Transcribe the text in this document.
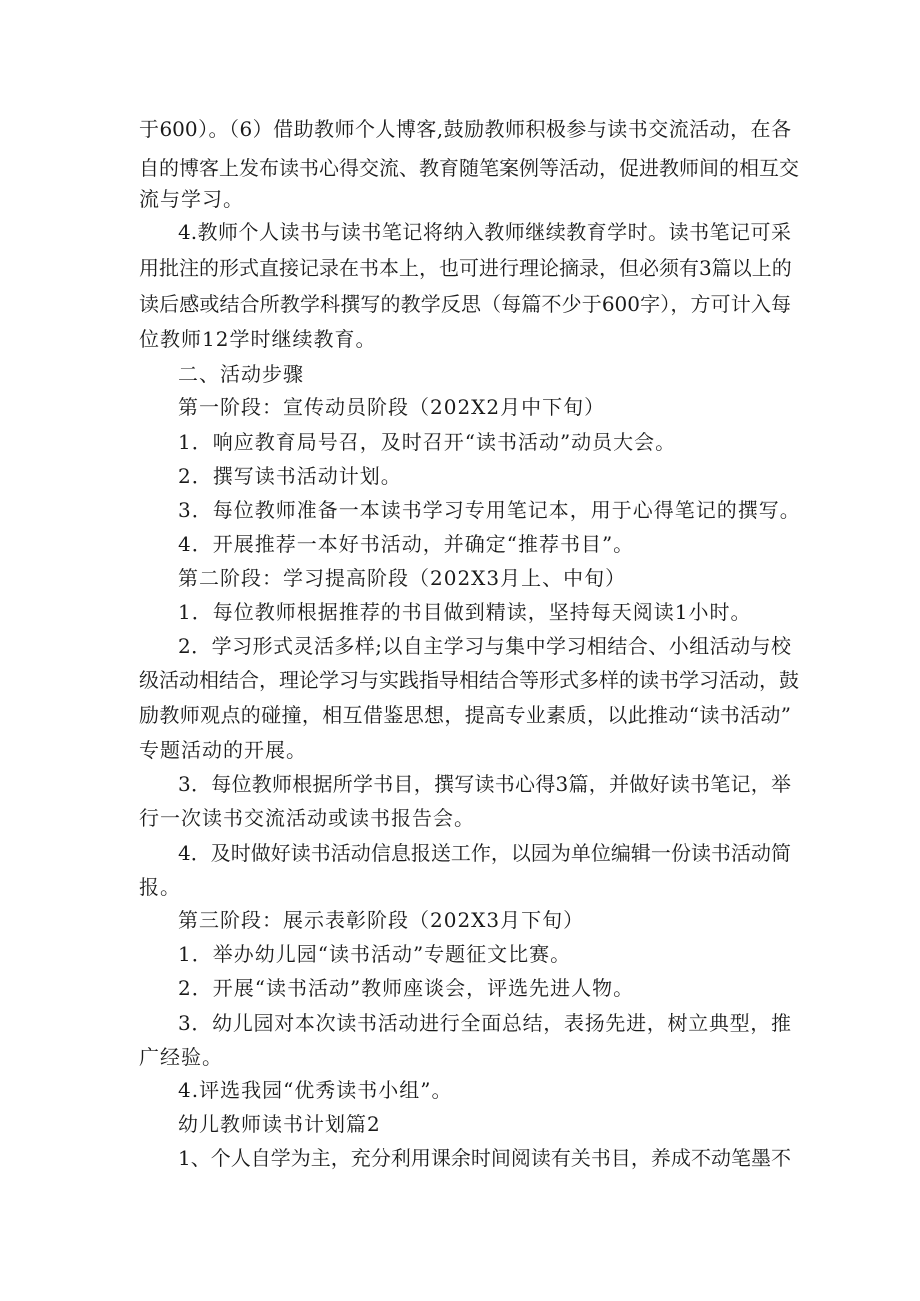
于600）。（6）借助教师个人博客,鼓励教师积极参与读书交流活动，在各
自的博客上发布读书心得交流、教育随笔案例等活动，促进教师间的相互交
流与学习。
4.教师个人读书与读书笔记将纳入教师继续教育学时。读书笔记可采
用批注的形式直接记录在书本上，也可进行理论摘录，但必须有3篇以上的
读后感或结合所教学科撰写的教学反思（每篇不少于600字），方可计入每
位教师12学时继续教育。
二、活动步骤
第一阶段：宣传动员阶段（202X2月中下旬）
1．响应教育局号召，及时召开“读书活动”动员大会。
2．撰写读书活动计划。
3．每位教师准备一本读书学习专用笔记本，用于心得笔记的撰写。
4．开展推荐一本好书活动，并确定“推荐书目”。
第二阶段：学习提高阶段（202X3月上、中旬）
1．每位教师根据推荐的书目做到精读，坚持每天阅读1小时。
2．学习形式灵活多样;以自主学习与集中学习相结合、小组活动与校
级活动相结合，理论学习与实践指导相结合等形式多样的读书学习活动，鼓
励教师观点的碰撞，相互借鉴思想，提高专业素质，以此推动“读书活动”
专题活动的开展。
3．每位教师根据所学书目，撰写读书心得3篇，并做好读书笔记，举
行一次读书交流活动或读书报告会。
4．及时做好读书活动信息报送工作，以园为单位编辑一份读书活动简
报。
第三阶段：展示表彰阶段（202X3月下旬）
1．举办幼儿园“读书活动”专题征文比赛。
2．开展“读书活动”教师座谈会，评选先进人物。
3．幼儿园对本次读书活动进行全面总结，表扬先进，树立典型，推
广经验。
4.评选我园“优秀读书小组”。
幼儿教师读书计划篇2
1、个人自学为主，充分利用课余时间阅读有关书目，养成不动笔墨不
